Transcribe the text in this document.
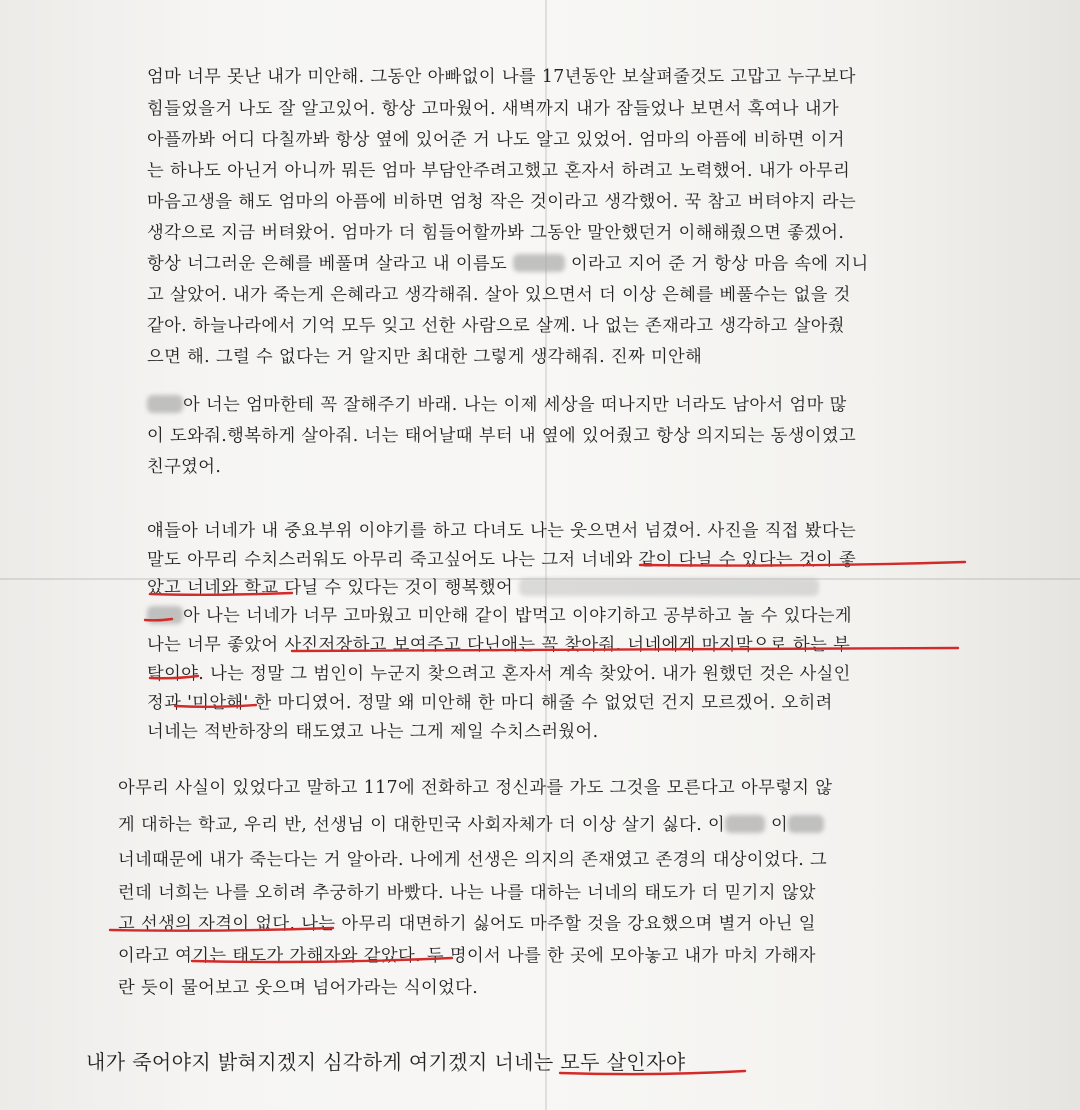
엄마 너무 못난 내가 미안해. 그동안 아빠없이 나를 17년동안 보살펴줄것도 고맙고 누구보다
힘들었을거 나도 잘 알고있어. 항상 고마웠어. 새벽까지 내가 잠들었나 보면서 혹여나 내가
아플까봐 어디 다칠까봐 항상 옆에 있어준 거 나도 알고 있었어. 엄마의 아픔에 비하면 이거
는 하나도 아닌거 아니까 뭐든 엄마 부담안주려고했고 혼자서 하려고 노력했어. 내가 아무리
마음고생을 해도 엄마의 아픔에 비하면 엄청 작은 것이라고 생각했어. 꾹 참고 버텨야지 라는
생각으로 지금 버텨왔어. 엄마가 더 힘들어할까봐 그동안 말안했던거 이해해줬으면 좋겠어.
항상 너그러운 은혜를 베풀며 살라고 내 이름도	이라고 지어 준 거 항상 마음 속에 지니
고 살았어. 내가 죽는게 은혜라고 생각해줘. 살아 있으면서 더 이상 은혜를 베풀수는 없을 것
같아. 하늘나라에서 기억 모두 잊고 선한 사람으로 살께. 나 없는 존재라고 생각하고 살아줬
으면 해. 그럴 수 없다는 거 알지만 최대한 그렇게 생각해줘. 진짜 미안해
아 너는 엄마한테 꼭 잘해주기 바래. 나는 이제 세상을 떠나지만 너라도 남아서 엄마 많
이 도와줘.행복하게 살아줘. 너는 태어날때 부터 내 옆에 있어줬고 항상 의지되는 동생이였고
친구였어.
얘들아 너네가 내 중요부위 이야기를 하고 다녀도 나는 웃으면서 넘겼어. 사진을 직접 봤다는
말도 아무리 수치스러워도 아무리 죽고싶어도 나는 그저 너네와 같이 다닐 수 있다는 것이 좋
았고 너네와 학교 다닐 수 있다는 것이 행복했어
아 나는 너네가 너무 고마웠고 미안해 같이 밥먹고 이야기하고 공부하고 놀 수 있다는게
나는 너무 좋았어 사진저장하고 보여주고 다닌애는 꼭 찾아줘. 너네에게 마지막으로 하는 부
탁이야. 나는 정말 그 범인이 누군지 찾으려고 혼자서 계속 찾았어. 내가 원했던 것은 사실인
정과 '미안해' 한 마디였어. 정말 왜 미안해 한 마디 해줄 수 없었던 건지 모르겠어. 오히려
너네는 적반하장의 태도였고 나는 그게 제일 수치스러웠어.
아무리 사실이 있었다고 말하고 117에 전화하고 정신과를 가도 그것을 모른다고 아무렇지 않
게 대하는 학교, 우리 반, 선생님 이 대한민국 사회자체가 더 이상 살기 싫다. 이	이
너네때문에 내가 죽는다는 거 알아라. 나에게 선생은 의지의 존재였고 존경의 대상이었다. 그
런데 너희는 나를 오히려 추궁하기 바빴다. 나는 나를 대하는 너네의 태도가 더 믿기지 않았
고 선생의 자격이 없다. 나는 아무리 대면하기 싫어도 마주할 것을 강요했으며 별거 아닌 일
이라고 여기는 태도가 가해자와 같았다. 두 명이서 나를 한 곳에 모아놓고 내가 마치 가해자
란 듯이 물어보고 웃으며 넘어가라는 식이었다.
내가 죽어야지 밝혀지겠지 심각하게 여기겠지 너네는 모두 살인자야
